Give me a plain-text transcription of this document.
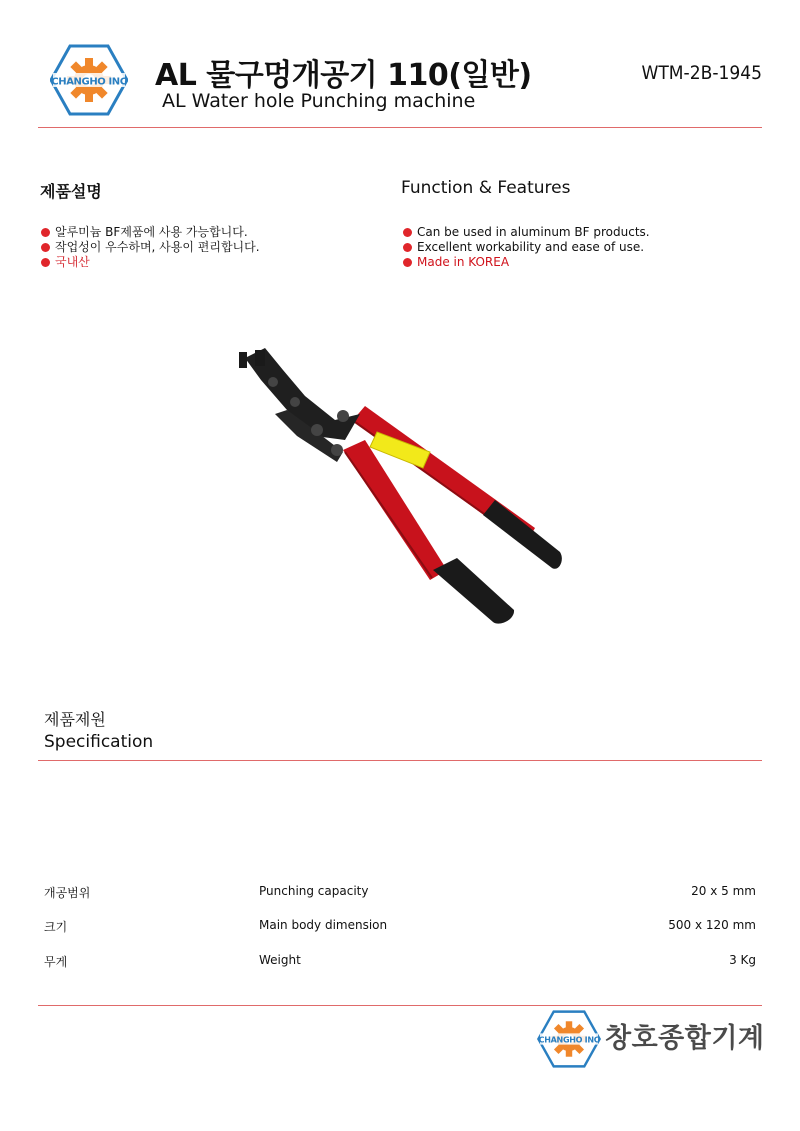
CHANGHO INC AL 물구멍개공기 110(일반)
AL Water hole Punching machine
WTM-2B-1945
제품설명	Function & Features
알루미늄 BF제품에 사용 가능합니다.
작업성이 우수하며, 사용이 편리합니다.
국내산
Can be used in aluminum BF products.
Excellent workability and ease of use.
Made in KOREA
제품제원
Specification
개공범위	Punching capacity	20 x 5 mm
크기	Main body dimension	500 x 120 mm
무게	Weight	3 Kg
CHANGHO INC 창호종합기계
